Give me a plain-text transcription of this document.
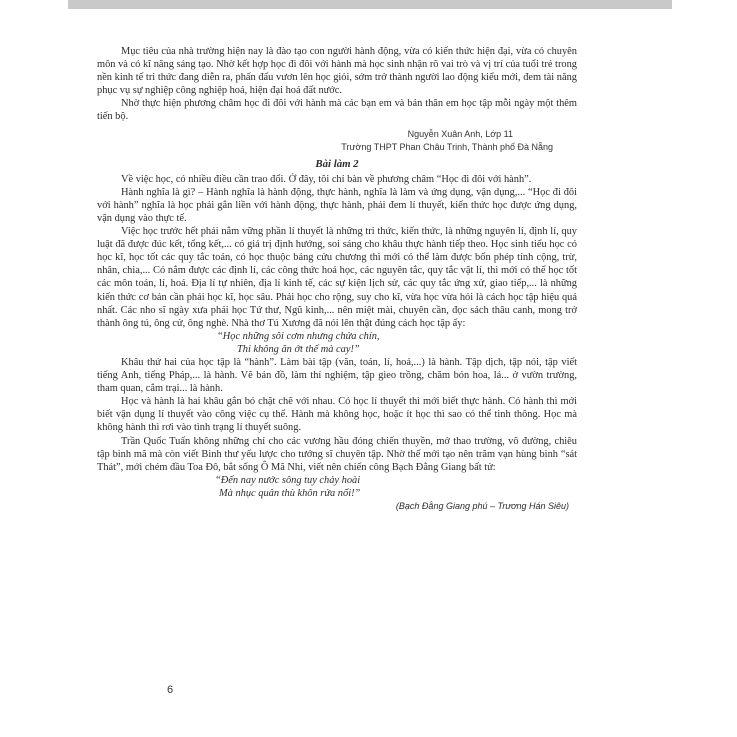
Mục tiêu của nhà trường hiện nay là đào tạo con người hành động, vừa có kiến thức hiện đại, vừa có chuyên môn và có kĩ năng sáng tạo. Nhờ kết hợp học đi đôi với hành mà học sinh nhận rõ vai trò và vị trí của tuổi trẻ trong nền kinh tế tri thức đang diễn ra, phấn đấu vươn lên học giỏi, sớm trở thành người lao động kiểu mới, đem tài năng phục vụ sự nghiệp công nghiệp hoá, hiện đại hoá đất nước.

Nhờ thực hiện phương châm học đi đôi với hành mà các bạn em và bản thân em học tập mỗi ngày một thêm tiến bộ.

Nguyễn Xuân Anh, Lớp 11
Trường THPT Phan Châu Trinh, Thành phố Đà Nẵng
Bài làm 2

Về việc học, có nhiều điều cần trao đổi. Ở đây, tôi chỉ bàn về phương châm “Học đi đôi với hành”.

Hành nghĩa là gì? – Hành nghĩa là hành động, thực hành, nghĩa là làm và ứng dụng, vận dụng,... “Học đi đôi với hành” nghĩa là học phải gắn liền với hành động, thực hành, phải đem lí thuyết, kiến thức học được ứng dụng, vận dụng vào thực tế.

Việc học trước hết phải nắm vững phần lí thuyết là những tri thức, kiến thức, là những nguyên lí, định lí, quy luật đã được đúc kết, tổng kết,... có giá trị định hướng, soi sáng cho khâu thực hành tiếp theo. Học sinh tiểu học có học kĩ, học tốt các quy tắc toán, có học thuộc bảng cửu chương thì mới có thể làm được bốn phép tính cộng, trừ, nhân, chia,... Có nắm được các định lí, các công thức hoá học, các nguyên tắc, quy tắc vật lí, thì mới có thể học tốt các môn toán, lí, hoá. Địa lí tự nhiên, địa lí kinh tế, các sự kiện lịch sử, các quy tắc ứng xử, giao tiếp,... là những kiến thức cơ bản cần phải học kĩ, học sâu. Phải học cho rộng, suy cho kĩ, vừa học vừa hỏi là cách học tập hiệu quả nhất. Các nho sĩ ngày xưa phải học Tứ thư, Ngũ kinh,... nên miệt mài, chuyên cần, đọc sách thâu canh, mong trở thành ông tú, ông cử, ông nghè. Nhà thơ Tú Xương đã nói lên thật đúng cách học tập ấy:

“Học những sôi cơm nhưng chửa chín,

Thi không ăn ớt thế mà cay!”

Khâu thứ hai của học tập là “hành”. Làm bài tập (văn, toán, lí, hoá,...) là hành. Tập dịch, tập nói, tập viết tiếng Anh, tiếng Pháp,... là hành. Vẽ bản đồ, làm thí nghiệm, tập gieo trồng, chăm bón hoa, lá... ở vườn trường, tham quan, cắm trại... là hành.

Học và hành là hai khâu gắn bó chặt chẽ với nhau. Có học lí thuyết thì mới biết thực hành. Có hành thì mới biết vận dụng lí thuyết vào công việc cụ thể. Hành mà không học, hoặc ít học thì sao có thể tinh thông. Học mà không hành thì rơi vào tình trạng lí thuyết suông.

Trần Quốc Tuấn không những chỉ cho các vương hầu đóng chiến thuyền, mở thao trường, võ đường, chiêu tập binh mã mà còn viết Binh thư yếu lược cho tướng sĩ chuyên tập. Nhờ thế mới tạo nên trăm vạn hùng binh “sát Thát”, mới chém đầu Toa Đô, bắt sống Ô Mã Nhi, viết nên chiến công Bạch Đằng Giang bất tử:

“Đến nay nước sông tuy chảy hoài

Mà nhục quân thù khôn rửa nổi!”

(Bạch Đằng Giang phú – Trương Hán Siêu)
6
